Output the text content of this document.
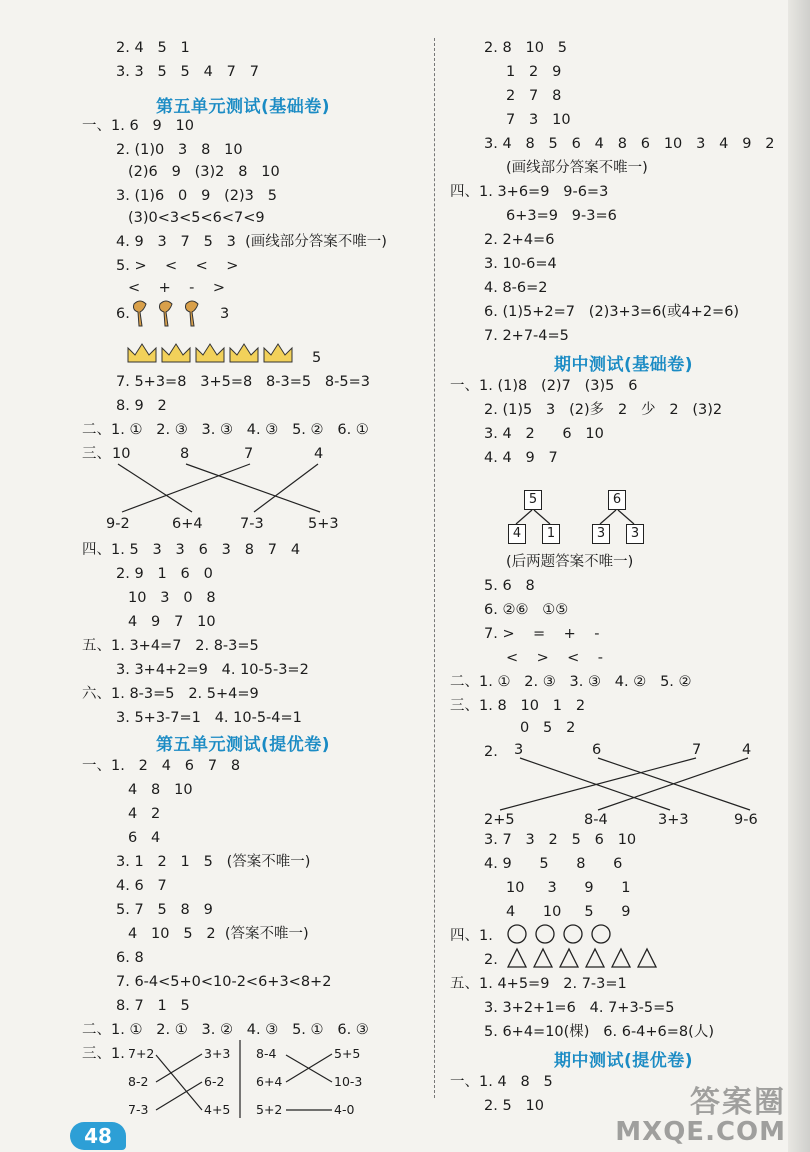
2. 4   5   1
3. 3   5   5   4   7   7
第五单元测试(基础卷)
一、1. 6   9   10
2. (1)0   3   8   10
(2)6   9   (3)2   8   10
3. (1)6   0   9   (2)3   5
(3)0<3<5<6<7<9
4. 9   3   7   5   3  (画线部分答案不唯一)
5. >    <    <    >
<    +    -    >
6.	3
5
7. 5+3=8   3+5=8   8-3=5   8-5=3
8. 9   2
二、1. ①   2. ③   3. ③   4. ③   5. ②   6. ①
三、 10	8	7	4
9-2	6+4	7-3	5+3
四、1. 5   3   3   6   3   8   7   4
2. 9   1   6   0
10   3   0   8
4   9   7   10
五、1. 3+4=7   2. 8-3=5
3. 3+4+2=9   4. 10-5-3=2
六、1. 8-3=5   2. 5+4=9
3. 5+3-7=1   4. 10-5-4=1
第五单元测试(提优卷)
一、1.   2   4   6   7   8
4   8   10
4   2
6   4
3. 1   2   1   5   (答案不唯一)
4. 6   7
5. 7   5   8   9
4   10   5   2  (答案不唯一)
6. 8
7. 6-4<5+0<10-2<6+3<8+2
8. 7   1   5
二、1. ①   2. ①   3. ②   4. ③   5. ①   6. ③
三、1. 7+2
8-2
7-3
3+3
6-2
4+5
8-4
6+4
5+2
5+5
10-3
4-0
2. 8   10   5
1   2   9
2   7   8
7   3   10
3. 4   8   5   6   4   8   6   10   3   4   9   2
(画线部分答案不唯一)
四、1. 3+6=9   9-6=3
6+3=9   9-3=6
2. 2+4=6
3. 10-6=4
4. 8-6=2
6. (1)5+2=7   (2)3+3=6(或4+2=6)
7. 2+7-4=5
期中测试(基础卷)
一、1. (1)8   (2)7   (3)5   6
2. (1)5   3   (2)多   2   少   2   (3)2
3. 4   2      6   10
4. 4   9   7
5
4	1
6
3	3
(后两题答案不唯一)
5. 6   8
6. ②⑥   ①⑤
7. >    =    +    -
<    >    <    -
二、1. ①   2. ③   3. ③   4. ②   5. ②
三、1. 8   10   1   2
0   5   2
2. 3	6	7	4
2+5	8-4	3+3	9-6
3. 7   3   2   5   6   10
4. 9      5      8      6
10     3      9      1
4      10     5      9
四、1.
2.
五、1. 4+5=9   2. 7-3=1
3. 3+2+1=6   4. 7+3-5=5
5. 6+4=10(棵)   6. 6-4+6=8(人)
期中测试(提优卷)
一、1. 4   8   5
2. 5   10
48
答案圈
MXQE.COM
